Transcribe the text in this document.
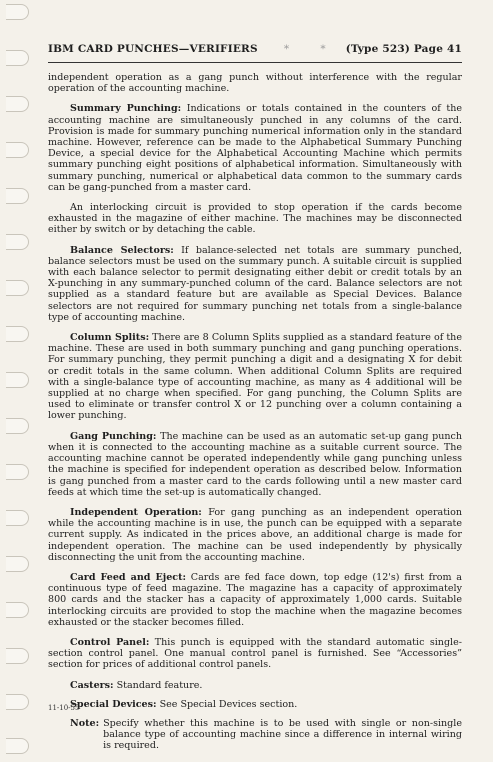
IBM CARD PUNCHES—VERIFIERS	* * (Type 523) Page 41

independent operation as a gang punch without interference with the regular operation of the accounting machine.

Summary Punching: Indications or totals contained in the counters of the accounting machine are simultaneously punched in any columns of the card. Provision is made for summary punching numerical information only in the standard machine. However, reference can be made to the Alphabetical Summary Punching Device, a special device for the Alphabetical Accounting Machine which permits summary punching eight positions of alphabetical information. Simultaneously with summary punching, numerical or alphabetical data common to the summary cards can be gang-punched from a master card.

An interlocking circuit is provided to stop operation if the cards become exhausted in the magazine of either machine. The machines may be disconnected either by switch or by detaching the cable.

Balance Selectors: If balance-selected net totals are summary punched, balance selectors must be used on the summary punch. A suitable circuit is supplied with each balance selector to permit designating either debit or credit totals by an X-punching in any summary-punched column of the card. Balance selectors are not supplied as a standard feature but are available as Special Devices. Balance selectors are not required for summary punching net totals from a single-balance type of accounting machine.

Column Splits: There are 8 Column Splits supplied as a standard feature of the machine. These are used in both summary punching and gang punching operations. For summary punching, they permit punching a digit and a designating X for debit or credit totals in the same column. When additional Column Splits are required with a single-balance type of accounting machine, as many as 4 additional will be supplied at no charge when specified. For gang punching, the Column Splits are used to eliminate or transfer control X or 12 punching over a column containing a lower punching.

Gang Punching: The machine can be used as an automatic set-up gang punch when it is connected to the accounting machine as a suitable current source. The accounting machine cannot be operated independently while gang punching unless the machine is specified for independent operation as described below. Information is gang punched from a master card to the cards following until a new master card feeds at which time the set-up is automatically changed.

Independent Operation: For gang punching as an independent operation while the accounting machine is in use, the punch can be equipped with a separate current supply. As indicated in the prices above, an additional charge is made for independent operation. The machine can be used independently by physically disconnecting the unit from the accounting machine.

Card Feed and Eject: Cards are fed face down, top edge (12's) first from a continuous type of feed magazine. The magazine has a capacity of approximately 800 cards and the stacker has a capacity of approximately 1,000 cards. Suitable interlocking circuits are provided to stop the machine when the magazine becomes exhausted or the stacker becomes filled.

Control Panel: This punch is equipped with the standard automatic single-section control panel. One manual control panel is furnished. See “Accessories” section for prices of additional control panels.

Casters: Standard feature.
Special Devices: See Special Devices section.
Note: Specify whether this machine is to be used with single or non-single balance type of accounting machine since a difference in internal wiring is required.
11-10-55
